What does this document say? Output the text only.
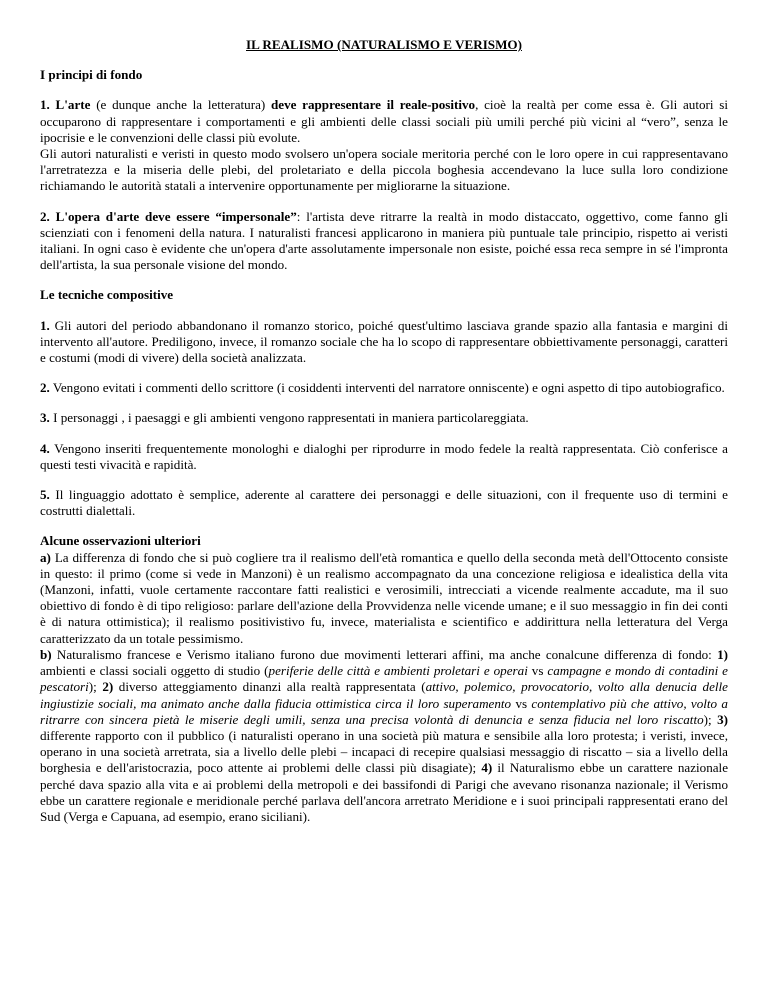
IL REALISMO (NATURALISMO E VERISMO)
I principi di fondo

1. L'arte (e dunque anche la letteratura) deve rappresentare il reale-positivo, cioè la realtà per come essa è. Gli autori si occuparono di rappresentare i comportamenti e gli ambienti delle classi sociali più umili perché più vicini al “vero”, senza le ipocrisie e le convenzioni delle classi più evolute.

Gli autori naturalisti e veristi in questo modo svolsero un'opera sociale meritoria perché con le loro opere in cui rappresentavano l'arretratezza e la miseria delle plebi, del proletariato e della piccola boghesia accendevano la luce sulla loro condizione richiamando le autorità statali a intervenire opportunamente per migliorarne la situazione.

2. L'opera d'arte deve essere “impersonale”: l'artista deve ritrarre la realtà in modo distaccato, oggettivo, come fanno gli scienziati con i fenomeni della natura. I naturalisti francesi applicarono in maniera più puntuale tale principio, rispetto ai veristi italiani. In ogni caso è evidente che un'opera d'arte assolutamente impersonale non esiste, poiché essa reca sempre in sé l'impronta dell'artista, la sua personale visione del mondo.

Le tecniche compositive

1. Gli autori del periodo abbandonano il romanzo storico, poiché quest'ultimo lasciava grande spazio alla fantasia e margini di intervento all'autore. Prediligono, invece, il romanzo sociale che ha lo scopo di rappresentare obbiettivamente personaggi, caratteri e costumi (modi di vivere) della società analizzata.

2. Vengono evitati i commenti dello scrittore (i cosiddenti interventi del narratore onniscente) e ogni aspetto di tipo autobiografico.

3. I personaggi , i paesaggi e gli ambienti vengono rappresentati in maniera particolareggiata.

4. Vengono inseriti frequentemente monologhi e dialoghi per riprodurre in modo fedele la realtà rappresentata. Ciò conferisce a questi testi vivacità e rapidità.

5. Il linguaggio adottato è semplice, aderente al carattere dei personaggi e delle situazioni, con il frequente uso di termini e costrutti dialettali.

Alcune osservazioni ulteriori

a) La differenza di fondo che si può cogliere tra il realismo dell'età romantica e quello della seconda metà dell'Ottocento consiste in questo: il primo (come si vede in Manzoni) è un realismo accompagnato da una concezione religiosa e idealistica della vita (Manzoni, infatti, vuole certamente raccontare fatti realistici e verosimili, intrecciati a vicende realmente accadute, ma il suo obiettivo di fondo è di tipo religioso: parlare dell'azione della Provvidenza nelle vicende umane; e il suo messaggio in fin dei conti è di natura ottimistica); il realismo positivistivo fu, invece, materialista e scientifico e addirittura nella letteratura del Verga caratterizzato da un totale pessimismo.

b) Naturalismo francese e Verismo italiano furono due movimenti letterari affini, ma anche conalcune differenza di fondo: 1) ambienti e classi sociali oggetto di studio (periferie delle città e ambienti proletari e operai vs campagne e mondo di contadini e pescatori); 2) diverso atteggiamento dinanzi alla realtà rappresentata (attivo, polemico, provocatorio, volto alla denucia delle ingiustizie sociali, ma animato anche dalla fiducia ottimistica circa il loro superamento vs contemplativo più che attivo, volto a ritrarre con sincera pietà le miserie degli umili, senza una precisa volontà di denuncia e senza fiducia nel loro riscatto); 3) differente rapporto con il pubblico (i naturalisti operano in una società più matura e sensibile alla loro protesta; i veristi, invece, operano in una società arretrata, sia a livello delle plebi – incapaci di recepire qualsiasi messaggio di riscatto – sia a livello della borghesia e dell'aristocrazia, poco attente ai problemi delle classi più disagiate); 4) il Naturalismo ebbe un carattere nazionale perché dava spazio alla vita e ai problemi della metropoli e dei bassifondi di Parigi che avevano risonanza nazionale; il Verismo ebbe un carattere regionale e meridionale perché parlava dell'ancora arretrato Meridione e i suoi principali rappresentati erano del Sud (Verga e Capuana, ad esempio, erano siciliani).
